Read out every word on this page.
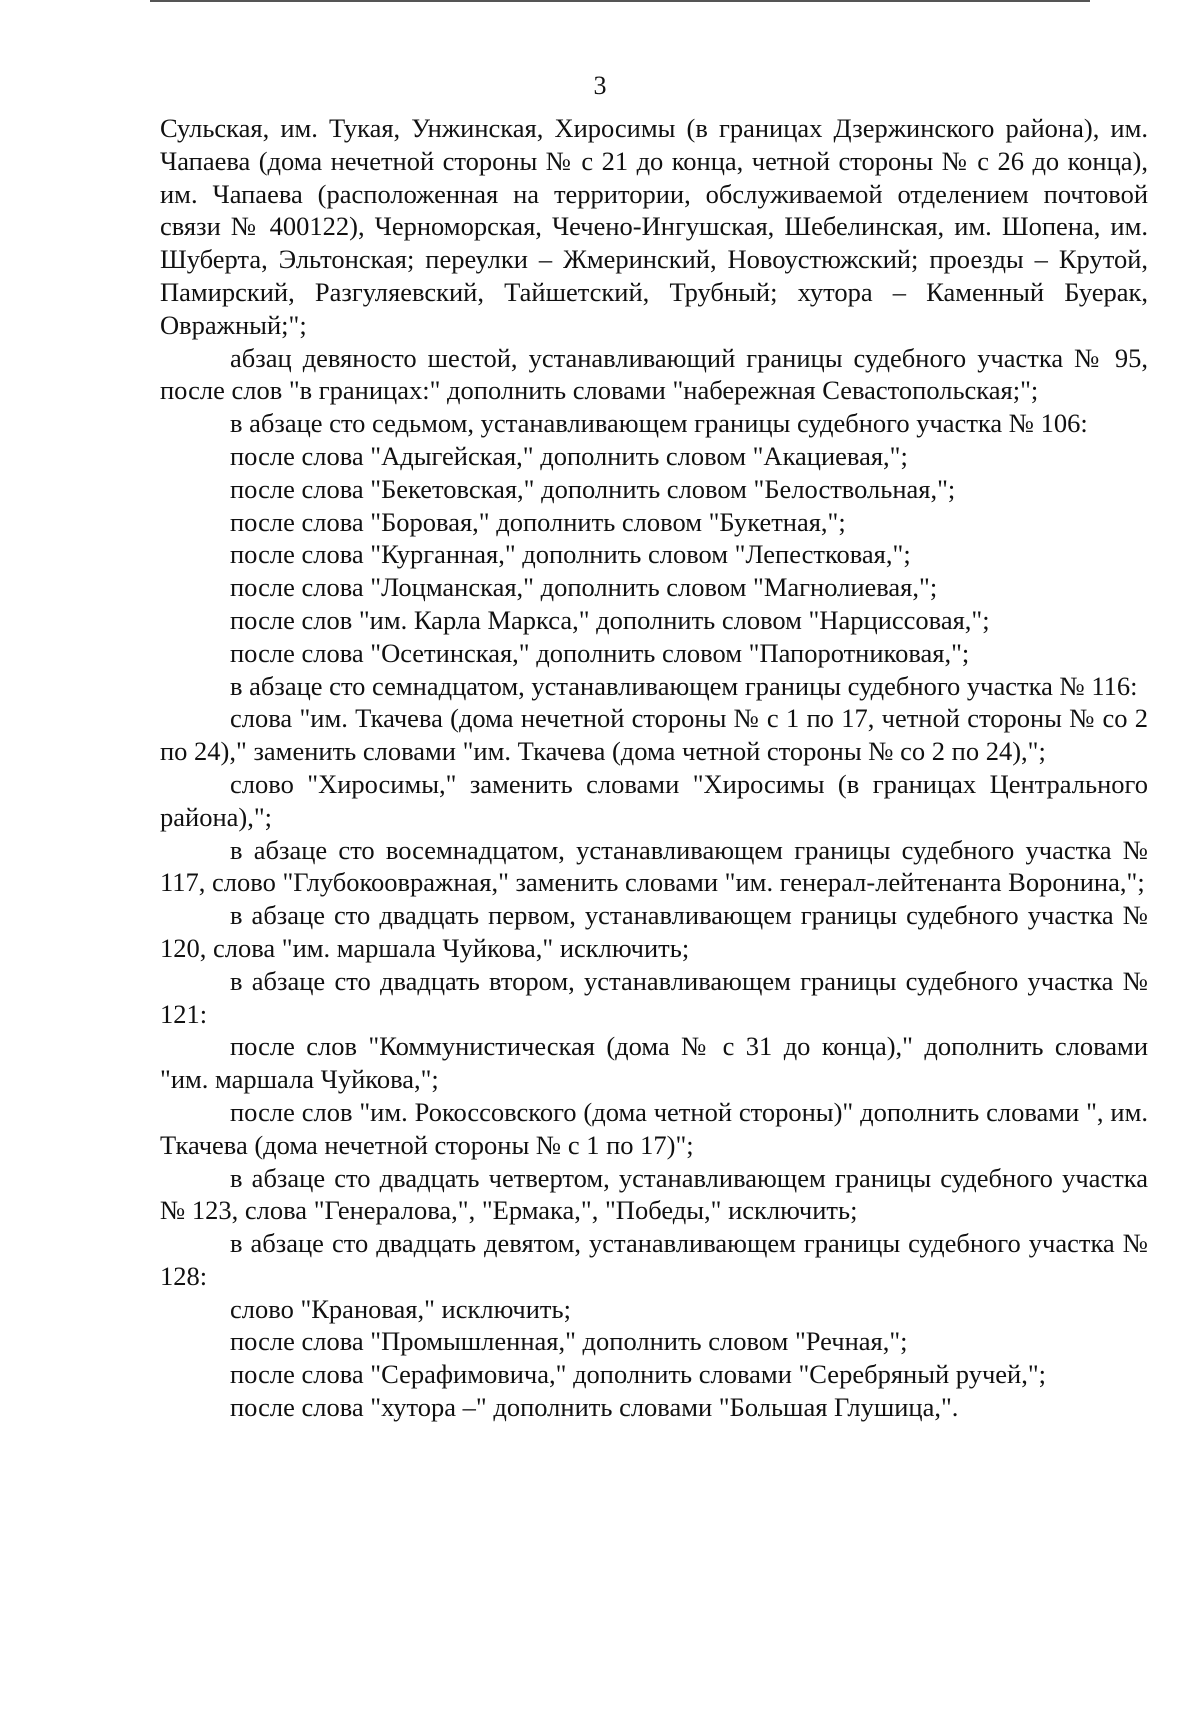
3

Сульская, им. Тукая, Унжинская, Хиросимы (в границах Дзержинского района), им. Чапаева (дома нечетной стороны № с 21 до конца, четной стороны № с 26 до конца), им. Чапаева (расположенная на территории, обслуживаемой отделением почтовой связи № 400122), Черноморская, Чечено-Ингушская, Шебелинская, им. Шопена, им. Шуберта, Эльтонская; переулки – Жмеринский, Новоустюжский; проезды – Крутой, Памирский, Разгуляевский, Тайшетский, Трубный; хутора – Каменный Буерак, Овражный;";

абзац девяносто шестой, устанавливающий границы судебного участка № 95, после слов "в границах:" дополнить словами "набережная Севастопольская;";

в абзаце сто седьмом, устанавливающем границы судебного участка № 106:

после слова "Адыгейская," дополнить словом "Акациевая,";

после слова "Бекетовская," дополнить словом "Белоствольная,";

после слова "Боровая," дополнить словом "Букетная,";

после слова "Курганная," дополнить словом "Лепестковая,";

после слова "Лоцманская," дополнить словом "Магнолиевая,";

после слов "им. Карла Маркса," дополнить словом "Нарциссовая,";

после слова "Осетинская," дополнить словом "Папоротниковая,";

в абзаце сто семнадцатом, устанавливающем границы судебного участка № 116:

слова "им. Ткачева (дома нечетной стороны № с 1 по 17, четной стороны № со 2 по 24)," заменить словами "им. Ткачева (дома четной стороны № со 2 по 24),";

слово "Хиросимы," заменить словами "Хиросимы (в границах Центрального района),";

в абзаце сто восемнадцатом, устанавливающем границы судебного участка № 117, слово "Глубокоовражная," заменить словами "им. генерал-лейтенанта Воронина,";

в абзаце сто двадцать первом, устанавливающем границы судебного участка № 120, слова "им. маршала Чуйкова," исключить;

в абзаце сто двадцать втором, устанавливающем границы судебного участка № 121:

после слов "Коммунистическая (дома № с 31 до конца)," дополнить словами "им. маршала Чуйкова,";

после слов "им. Рокоссовского (дома четной стороны)" дополнить словами ", им. Ткачева (дома нечетной стороны № с 1 по 17)";

в абзаце сто двадцать четвертом, устанавливающем границы судебного участка № 123, слова "Генералова,", "Ермака,", "Победы," исключить;

в абзаце сто двадцать девятом, устанавливающем границы судебного участка № 128:

слово "Крановая," исключить;

после слова "Промышленная," дополнить словом "Речная,";

после слова "Серафимовича," дополнить словами "Серебряный ручей,";

после слова "хутора –" дополнить словами "Большая Глушица,".
